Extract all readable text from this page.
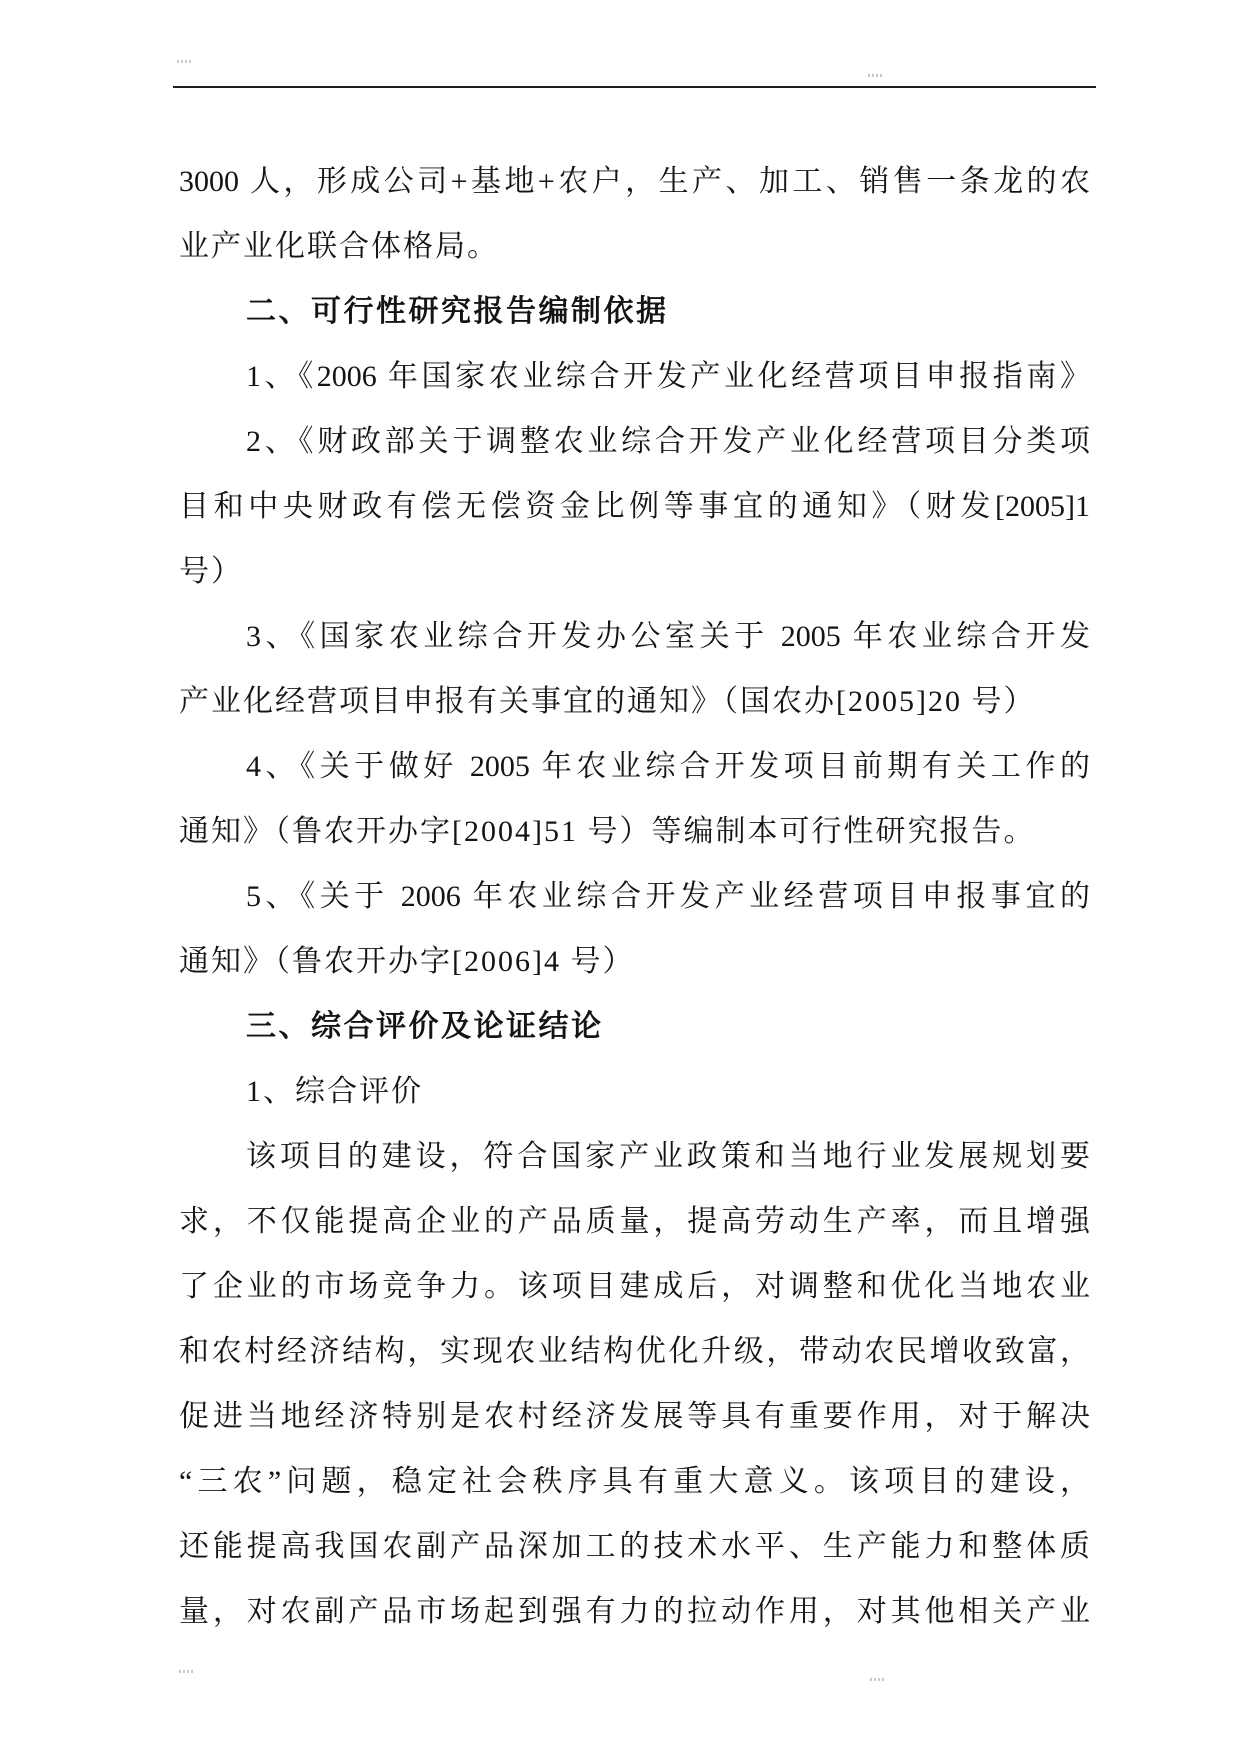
3000 人，形成公司+基地+农户，生产、加工、销售一条龙的农
业产业化联合体格局。
二、可行性研究报告编制依据
1、《2006 年国家农业综合开发产业化经营项目申报指南》
2、《财政部关于调整农业综合开发产业化经营项目分类项
目和中央财政有偿无偿资金比例等事宜的通知》（财发[2005]1
号）
3、《国家农业综合开发办公室关于 2005 年农业综合开发
产业化经营项目申报有关事宜的通知》（国农办[2005]20 号）
4、《关于做好 2005 年农业综合开发项目前期有关工作的
通知》（鲁农开办字[2004]51 号）等编制本可行性研究报告。
5、《关于 2006 年农业综合开发产业经营项目申报事宜的
通知》（鲁农开办字[2006]4 号）
三、综合评价及论证结论
1、综合评价
该项目的建设，符合国家产业政策和当地行业发展规划要
求，不仅能提高企业的产品质量，提高劳动生产率，而且增强
了企业的市场竞争力。该项目建成后，对调整和优化当地农业
和农村经济结构，实现农业结构优化升级，带动农民增收致富，
促进当地经济特别是农村经济发展等具有重要作用，对于解决
“三农”问题，稳定社会秩序具有重大意义。该项目的建设，
还能提高我国农副产品深加工的技术水平、生产能力和整体质
量，对农副产品市场起到强有力的拉动作用，对其他相关产业
